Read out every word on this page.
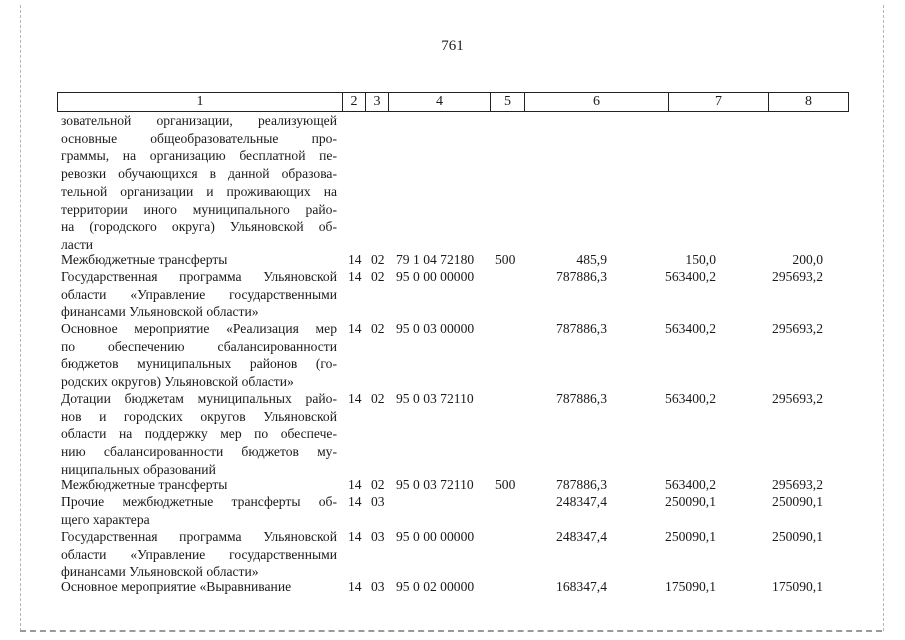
761
1	2	3	4	5	6	7	8
зовательной организации, реализующей
основные общеобразовательные про-
граммы, на организацию бесплатной пе-
ревозки обучающихся в данной образова-
тельной организации и проживающих на
территории иного муниципального райо-
на (городского округа) Ульяновской об-
ласти
Межбюджетные трансферты	14 02 79 1 04 72180	500	485,9	150,0	200,0
Государственная программа Ульяновской
области «Управление государственными
финансами Ульяновской области»
14 02 95 0 00 00000	787886,3	563400,2	295693,2
Основное мероприятие «Реализация мер
по обеспечению сбалансированности
бюджетов муниципальных районов (го-
родских округов) Ульяновской области»
14 02 95 0 03 00000	787886,3	563400,2	295693,2
Дотации бюджетам муниципальных райо-
нов и городских округов Ульяновской
области на поддержку мер по обеспече-
нию сбалансированности бюджетов му-
ниципальных образований
14 02 95 0 03 72110	787886,3	563400,2	295693,2
Межбюджетные трансферты	14 02 95 0 03 72110	500	787886,3	563400,2	295693,2
Прочие межбюджетные трансферты об-
щего характера
14 03	248347,4	250090,1	250090,1
Государственная программа Ульяновской
области «Управление государственными
финансами Ульяновской области»
14 03 95 0 00 00000	248347,4	250090,1	250090,1
Основное мероприятие «Выравнивание	14 03 95 0 02 00000	168347,4	175090,1	175090,1
